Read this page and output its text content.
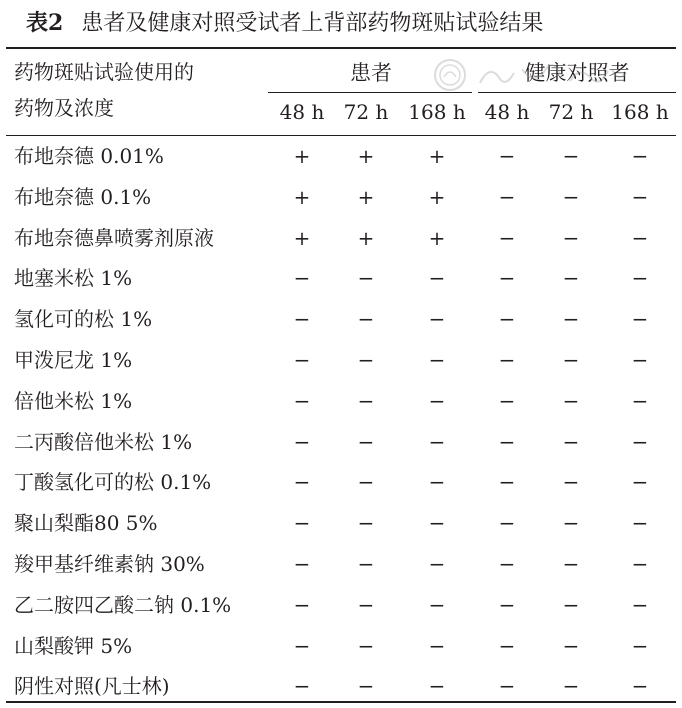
表2 患者及健康对照受试者上背部药物斑贴试验结果
药物斑贴试验使用的
药物及浓度
患者	健康对照者
48 h 72 h 168 h 48 h 72 h 168 h
布地奈德 0.01%	+	+	+	−	−	−
布地奈德 0.1%	+	+	+	−	−	−
布地奈德鼻喷雾剂原液	+	+	+	−	−	−
地塞米松 1%	−	−	−	−	−	−
氢化可的松 1%	−	−	−	−	−	−
甲泼尼龙 1%	−	−	−	−	−	−
倍他米松 1%	−	−	−	−	−	−
二丙酸倍他米松 1%	−	−	−	−	−	−
丁酸氢化可的松 0.1%	−	−	−	−	−	−
聚山梨酯80 5%	−	−	−	−	−	−
羧甲基纤维素钠 30%	−	−	−	−	−	−
乙二胺四乙酸二钠 0.1%	−	−	−	−	−	−
山梨酸钾 5%	−	−	−	−	−	−
阴性对照(凡士林)	−	−	−	−	−	−
